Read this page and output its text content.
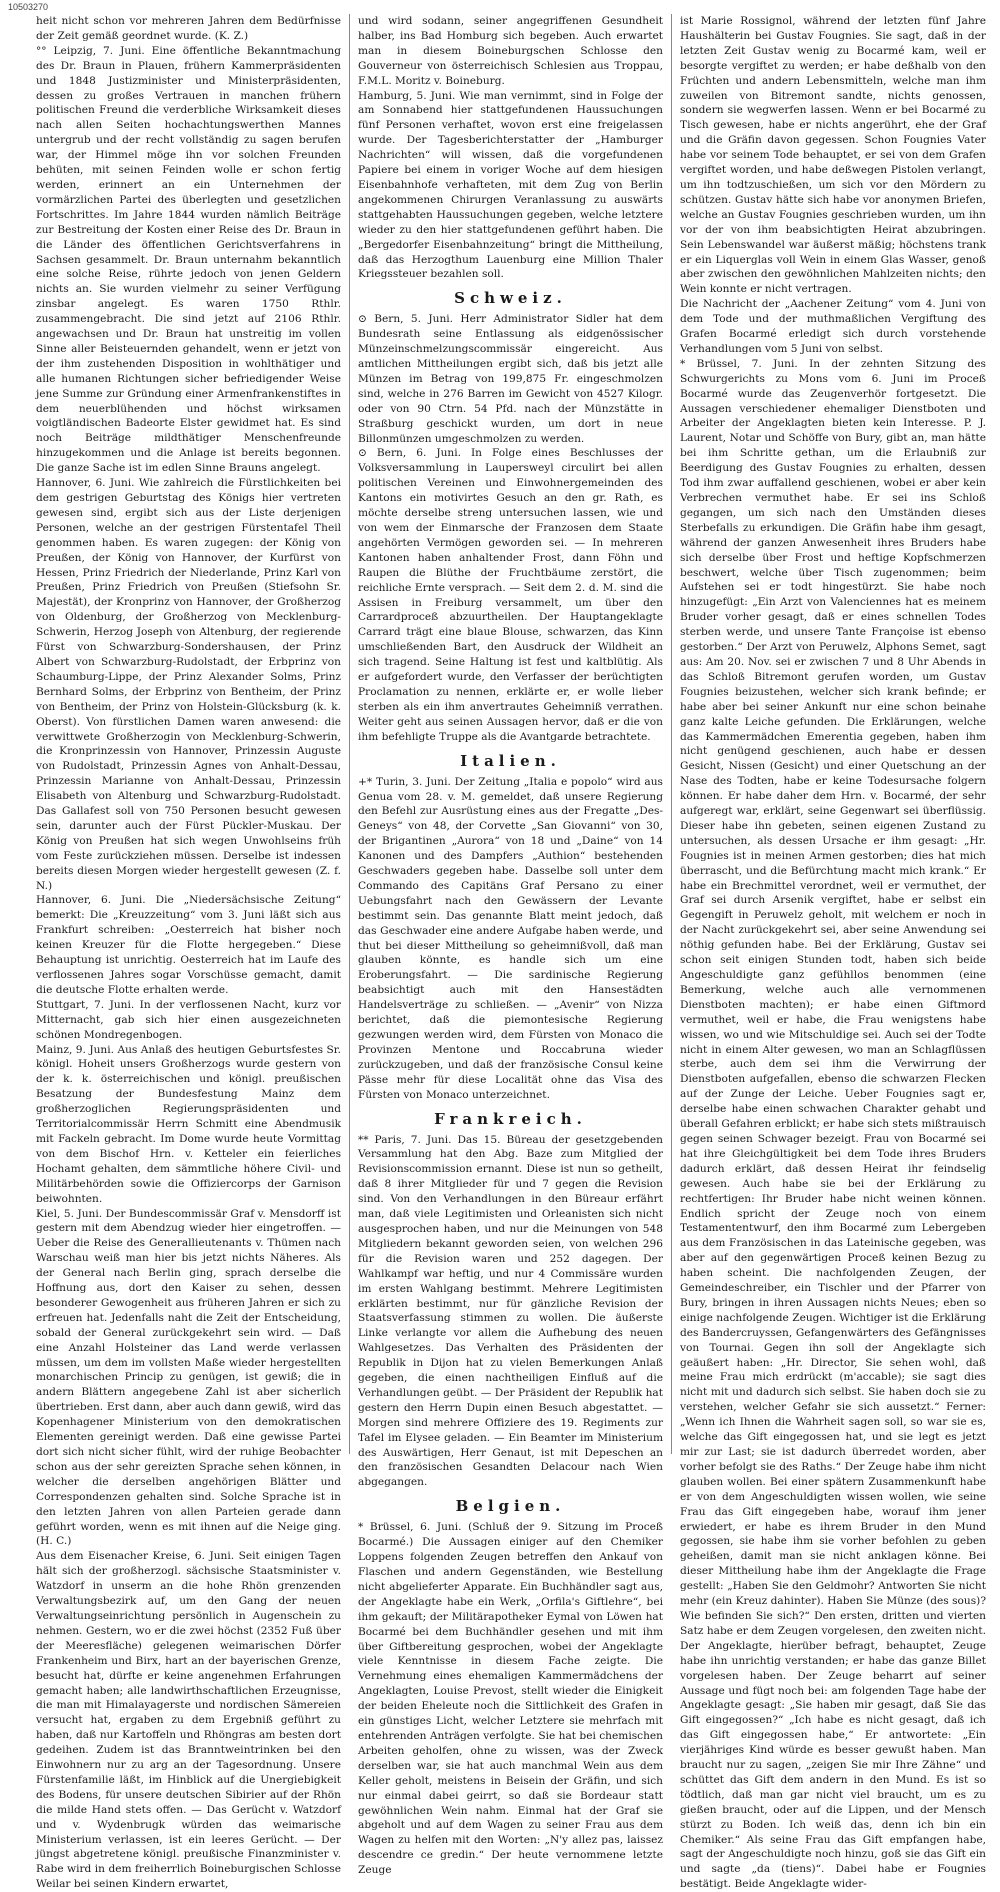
10503270

heit nicht schon vor mehreren Jahren dem Bedürfnisse der Zeit gemäß geordnet wurde. (K. Z.)

°° Leipzig, 7. Juni. Eine öffentliche Bekanntmachung des Dr. Braun in Plauen, frühern Kammerpräsidenten und 1848 Justizminister und Ministerpräsidenten, dessen zu großes Vertrauen in manchen frühern politischen Freund die verderbliche Wirksamkeit dieses nach allen Seiten hochachtungswerthen Mannes untergrub und der recht vollständig zu sagen berufen war, der Himmel möge ihn vor solchen Freunden behüten, mit seinen Feinden wolle er schon fertig werden, erinnert an ein Unternehmen der vormärzlichen Partei des überlegten und gesetzlichen Fortschrittes. Im Jahre 1844 wurden nämlich Beiträge zur Bestreitung der Kosten einer Reise des Dr. Braun in die Länder des öffentlichen Gerichtsverfahrens in Sachsen gesammelt. Dr. Braun unternahm bekanntlich eine solche Reise, rührte jedoch von jenen Geldern nichts an. Sie wurden vielmehr zu seiner Verfügung zinsbar angelegt. Es waren 1750 Rthlr. zusammengebracht. Die sind jetzt auf 2106 Rthlr. angewachsen und Dr. Braun hat unstreitig im vollen Sinne aller Beisteuernden gehandelt, wenn er jetzt von der ihm zustehenden Disposition in wohlthätiger und alle humanen Richtungen sicher befriedigender Weise jene Summe zur Gründung einer Armenfrankenstiftes in dem neuerblühenden und höchst wirksamen voigtländischen Badeorte Elster gewidmet hat. Es sind noch Beiträge mildthätiger Menschenfreunde hinzugekommen und die Anlage ist bereits begonnen. Die ganze Sache ist im edlen Sinne Brauns angelegt.

Hannover, 6. Juni. Wie zahlreich die Fürstlichkeiten bei dem gestrigen Geburtstag des Königs hier vertreten gewesen sind, ergibt sich aus der Liste derjenigen Personen, welche an der gestrigen Fürstentafel Theil genommen haben. Es waren zugegen: der König von Preußen, der König von Hannover, der Kurfürst von Hessen, Prinz Friedrich der Niederlande, Prinz Karl von Preußen, Prinz Friedrich von Preußen (Stiefsohn Sr. Majestät), der Kronprinz von Hannover, der Großherzog von Oldenburg, der Großherzog von Mecklenburg-Schwerin, Herzog Joseph von Altenburg, der regierende Fürst von Schwarzburg-Sondershausen, der Prinz Albert von Schwarzburg-Rudolstadt, der Erbprinz von Schaumburg-Lippe, der Prinz Alexander Solms, Prinz Bernhard Solms, der Erbprinz von Bentheim, der Prinz von Bentheim, der Prinz von Holstein-Glücksburg (k. k. Oberst). Von fürstlichen Damen waren anwesend: die verwittwete Großherzogin von Mecklenburg-Schwerin, die Kronprinzessin von Hannover, Prinzessin Auguste von Rudolstadt, Prinzessin Agnes von Anhalt-Dessau, Prinzessin Marianne von Anhalt-Dessau, Prinzessin Elisabeth von Altenburg und Schwarzburg-Rudolstadt. Das Gallafest soll von 750 Personen besucht gewesen sein, darunter auch der Fürst Pückler-Muskau. Der König von Preußen hat sich wegen Unwohlseins früh vom Feste zurückziehen müssen. Derselbe ist indessen bereits diesen Morgen wieder hergestellt gewesen (Z. f. N.)

Hannover, 6. Juni. Die „Niedersächsische Zeitung“ bemerkt: Die „Kreuzzeitung“ vom 3. Juni läßt sich aus Frankfurt schreiben: „Oesterreich hat bisher noch keinen Kreuzer für die Flotte hergegeben.“ Diese Behauptung ist unrichtig. Oesterreich hat im Laufe des verflossenen Jahres sogar Vorschüsse gemacht, damit die deutsche Flotte erhalten werde.

Stuttgart, 7. Juni. In der verflossenen Nacht, kurz vor Mitternacht, gab sich hier einen ausgezeichneten schönen Mondregenbogen.

Mainz, 9. Juni. Aus Anlaß des heutigen Geburtsfestes Sr. königl. Hoheit unsers Großherzogs wurde gestern von der k. k. österreichischen und königl. preußischen Besatzung der Bundesfestung Mainz dem großherzoglichen Regierungspräsidenten und Territorialcommissär Herrn Schmitt eine Abendmusik mit Fackeln gebracht. Im Dome wurde heute Vormittag von dem Bischof Hrn. v. Ketteler ein feierliches Hochamt gehalten, dem sämmtliche höhere Civil- und Militärbehörden sowie die Offiziercorps der Garnison beiwohnten.

Kiel, 5. Juni. Der Bundescommissär Graf v. Mensdorff ist gestern mit dem Abendzug wieder hier eingetroffen. — Ueber die Reise des Generallieutenants v. Thümen nach Warschau weiß man hier bis jetzt nichts Näheres. Als der General nach Berlin ging, sprach derselbe die Hoffnung aus, dort den Kaiser zu sehen, dessen besonderer Gewogenheit aus früheren Jahren er sich zu erfreuen hat. Jedenfalls naht die Zeit der Entscheidung, sobald der General zurückgekehrt sein wird. — Daß eine Anzahl Holsteiner das Land werde verlassen müssen, um dem im vollsten Maße wieder hergestellten monarchischen Princip zu genügen, ist gewiß; die in andern Blättern angegebene Zahl ist aber sicherlich übertrieben. Erst dann, aber auch dann gewiß, wird das Kopenhagener Ministerium von den demokratischen Elementen gereinigt werden. Daß eine gewisse Partei dort sich nicht sicher fühlt, wird der ruhige Beobachter schon aus der sehr gereizten Sprache sehen können, in welcher die derselben angehörigen Blätter und Correspondenzen gehalten sind. Solche Sprache ist in den letzten Jahren von allen Parteien gerade dann geführt worden, wenn es mit ihnen auf die Neige ging. (H. C.)

Aus dem Eisenacher Kreise, 6. Juni. Seit einigen Tagen hält sich der großherzogl. sächsische Staatsminister v. Watzdorf in unserm an die hohe Rhön grenzenden Verwaltungsbezirk auf, um den Gang der neuen Verwaltungseinrichtung persönlich in Augenschein zu nehmen. Gestern, wo er die zwei höchst (2352 Fuß über der Meeresfläche) gelegenen weimarischen Dörfer Frankenheim und Birx, hart an der bayerischen Grenze, besucht hat, dürfte er keine angenehmen Erfahrungen gemacht haben; alle landwirthschaftlichen Erzeugnisse, die man mit Himalayagerste und nordischen Sämereien versucht hat, ergaben zu dem Ergebniß geführt zu haben, daß nur Kartoffeln und Rhöngras am besten dort gedeihen. Zudem ist das Branntweintrinken bei den Einwohnern nur zu arg an der Tagesordnung. Unsere Fürstenfamilie läßt, im Hinblick auf die Unergiebigkeit des Bodens, für unsere deutschen Sibirier auf der Rhön die milde Hand stets offen. — Das Gerücht v. Watzdorf und v. Wydenbrugk würden das weimarische Ministerium verlassen, ist ein leeres Gerücht. — Der jüngst abgetretene königl. preußische Finanzminister v. Rabe wird in dem freiherrlich Boineburgischen Schlosse Weilar bei seinen Kindern erwartet,

und wird sodann, seiner angegriffenen Gesundheit halber, ins Bad Homburg sich begeben. Auch erwartet man in diesem Boineburgschen Schlosse den Gouverneur von österreichisch Schlesien aus Troppau, F.M.L. Moritz v. Boineburg.

Hamburg, 5. Juni. Wie man vernimmt, sind in Folge der am Sonnabend hier stattgefundenen Haussuchungen fünf Personen verhaftet, wovon erst eine freigelassen wurde. Der Tagesberichterstatter der „Hamburger Nachrichten“ will wissen, daß die vorgefundenen Papiere bei einem in voriger Woche auf dem hiesigen Eisenbahnhofe verhafteten, mit dem Zug von Berlin angekommenen Chirurgen Veranlassung zu auswärts stattgehabten Haussuchungen gegeben, welche letztere wieder zu den hier stattgefundenen geführt haben. Die „Bergedorfer Eisenbahnzeitung“ bringt die Mittheilung, daß das Herzogthum Lauenburg eine Million Thaler Kriegssteuer bezahlen soll.

Schweiz.

⊙ Bern, 5. Juni. Herr Administrator Sidler hat dem Bundesrath seine Entlassung als eidgenössischer Münzeinschmelzungscommissär eingereicht. Aus amtlichen Mittheilungen ergibt sich, daß bis jetzt alle Münzen im Betrag von 199,875 Fr. eingeschmolzen sind, welche in 276 Barren im Gewicht von 4527 Kilogr. oder von 90 Ctrn. 54 Pfd. nach der Münzstätte in Straßburg geschickt wurden, um dort in neue Billonmünzen umgeschmolzen zu werden.

⊙ Bern, 6. Juni. In Folge eines Beschlusses der Volksversammlung in Laupersweyl circulirt bei allen politischen Vereinen und Einwohnergemeinden des Kantons ein motivirtes Gesuch an den gr. Rath, es möchte derselbe streng untersuchen lassen, wie und von wem der Einmarsche der Franzosen dem Staate angehörten Vermögen geworden sei. — In mehreren Kantonen haben anhaltender Frost, dann Föhn und Raupen die Blüthe der Fruchtbäume zerstört, die reichliche Ernte versprach. — Seit dem 2. d. M. sind die Assisen in Freiburg versammelt, um über den Carrardproceß abzuurtheilen. Der Hauptangeklagte Carrard trägt eine blaue Blouse, schwarzen, das Kinn umschließenden Bart, den Ausdruck der Wildheit an sich tragend. Seine Haltung ist fest und kaltblütig. Als er aufgefordert wurde, den Verfasser der berüchtigten Proclamation zu nennen, erklärte er, er wolle lieber sterben als ein ihm anvertrautes Geheimniß verrathen. Weiter geht aus seinen Aussagen hervor, daß er die von ihm befehligte Truppe als die Avantgarde betrachtete.

Italien.

+* Turin, 3. Juni. Der Zeitung „Italia e popolo“ wird aus Genua vom 28. v. M. gemeldet, daß unsere Regierung den Befehl zur Ausrüstung eines aus der Fregatte „Des-Geneys“ von 48, der Corvette „San Giovanni“ von 30, der Brigantinen „Aurora“ von 18 und „Daine“ von 14 Kanonen und des Dampfers „Authion“ bestehenden Geschwaders gegeben habe. Dasselbe soll unter dem Commando des Capitäns Graf Persano zu einer Uebungsfahrt nach den Gewässern der Levante bestimmt sein. Das genannte Blatt meint jedoch, daß das Geschwader eine andere Aufgabe haben werde, und thut bei dieser Mittheilung so geheimnißvoll, daß man glauben könnte, es handle sich um eine Eroberungsfahrt. — Die sardinische Regierung beabsichtigt auch mit den Hansestädten Handelsverträge zu schließen. — „Avenir“ von Nizza berichtet, daß die piemontesische Regierung gezwungen werden wird, dem Fürsten von Monaco die Provinzen Mentone und Roccabruna wieder zurückzugeben, und daß der französische Consul keine Pässe mehr für diese Localität ohne das Visa des Fürsten von Monaco unterzeichnet.

Frankreich.

** Paris, 7. Juni. Das 15. Büreau der gesetzgebenden Versammlung hat den Abg. Baze zum Mitglied der Revisionscommission ernannt. Diese ist nun so getheilt, daß 8 ihrer Mitglieder für und 7 gegen die Revision sind. Von den Verhandlungen in den Büreaur erfährt man, daß viele Legitimisten und Orleanisten sich nicht ausgesprochen haben, und nur die Meinungen von 548 Mitgliedern bekannt geworden seien, von welchen 296 für die Revision waren und 252 dagegen. Der Wahlkampf war heftig, und nur 4 Commissäre wurden im ersten Wahlgang bestimmt. Mehrere Legitimisten erklärten bestimmt, nur für gänzliche Revision der Staatsverfassung stimmen zu wollen. Die äußerste Linke verlangte vor allem die Aufhebung des neuen Wahlgesetzes. Das Verhalten des Präsidenten der Republik in Dijon hat zu vielen Bemerkungen Anlaß gegeben, die einen nachtheiligen Einfluß auf die Verhandlungen geübt. — Der Präsident der Republik hat gestern den Herrn Dupin einen Besuch abgestattet. — Morgen sind mehrere Offiziere des 19. Regiments zur Tafel im Elysee geladen. — Ein Beamter im Ministerium des Auswärtigen, Herr Genaut, ist mit Depeschen an den französischen Gesandten Delacour nach Wien abgegangen.

Belgien.

* Brüssel, 6. Juni. (Schluß der 9. Sitzung im Proceß Bocarmé.) Die Aussagen einiger auf den Chemiker Loppens folgenden Zeugen betreffen den Ankauf von Flaschen und andern Gegenständen, wie Bestellung nicht abgelieferter Apparate. Ein Buchhändler sagt aus, der Angeklagte habe ein Werk, „Orfila's Giftlehre“, bei ihm gekauft; der Militärapotheker Eymal von Löwen hat Bocarmé bei dem Buchhändler gesehen und mit ihm über Giftbereitung gesprochen, wobei der Angeklagte viele Kenntnisse in diesem Fache zeigte. Die Vernehmung eines ehemaligen Kammermädchens der Angeklagten, Louise Prevost, stellt wieder die Einigkeit der beiden Eheleute noch die Sittlichkeit des Grafen in ein günstiges Licht, welcher Letztere sie mehrfach mit entehrenden Anträgen verfolgte. Sie hat bei chemischen Arbeiten geholfen, ohne zu wissen, was der Zweck derselben war, sie hat auch manchmal Wein aus dem Keller geholt, meistens in Beisein der Gräfin, und sich nur einmal dabei geirrt, so daß sie Bordeaur statt gewöhnlichen Wein nahm. Einmal hat der Graf sie abgeholt und auf dem Wagen zu seiner Frau aus dem Wagen zu helfen mit den Worten: „N'y allez pas, laissez descendre ce gredin.“ Der heute vernommene letzte Zeuge

ist Marie Rossignol, während der letzten fünf Jahre Haushälterin bei Gustav Fougnies. Sie sagt, daß in der letzten Zeit Gustav wenig zu Bocarmé kam, weil er besorgte vergiftet zu werden; er habe deßhalb von den Früchten und andern Lebensmitteln, welche man ihm zuweilen von Bitremont sandte, nichts genossen, sondern sie wegwerfen lassen. Wenn er bei Bocarmé zu Tisch gewesen, habe er nichts angerührt, ehe der Graf und die Gräfin davon gegessen. Schon Fougnies Vater habe vor seinem Tode behauptet, er sei von dem Grafen vergiftet worden, und habe deßwegen Pistolen verlangt, um ihn todtzuschießen, um sich vor den Mördern zu schützen. Gustav hätte sich habe vor anonymen Briefen, welche an Gustav Fougnies geschrieben wurden, um ihn vor der von ihm beabsichtigten Heirat abzubringen. Sein Lebenswandel war äußerst mäßig; höchstens trank er ein Liquerglas voll Wein in einem Glas Wasser, genoß aber zwischen den gewöhnlichen Mahlzeiten nichts; den Wein konnte er nicht vertragen.

Die Nachricht der „Aachener Zeitung“ vom 4. Juni von dem Tode und der muthmaßlichen Vergiftung des Grafen Bocarmé erledigt sich durch vorstehende Verhandlungen vom 5 Juni von selbst.

* Brüssel, 7. Juni. In der zehnten Sitzung des Schwurgerichts zu Mons vom 6. Juni im Proceß Bocarmé wurde das Zeugenverhör fortgesetzt. Die Aussagen verschiedener ehemaliger Dienstboten und Arbeiter der Angeklagten bieten kein Interesse. P. J. Laurent, Notar und Schöffe von Bury, gibt an, man hätte bei ihm Schritte gethan, um die Erlaubniß zur Beerdigung des Gustav Fougnies zu erhalten, dessen Tod ihm zwar auffallend geschienen, wobei er aber kein Verbrechen vermuthet habe. Er sei ins Schloß gegangen, um sich nach den Umständen dieses Sterbefalls zu erkundigen. Die Gräfin habe ihm gesagt, während der ganzen Anwesenheit ihres Bruders habe sich derselbe über Frost und heftige Kopfschmerzen beschwert, welche über Tisch zugenommen; beim Aufstehen sei er todt hingestürzt. Sie habe noch hinzugefügt: „Ein Arzt von Valenciennes hat es meinem Bruder vorher gesagt, daß er eines schnellen Todes sterben werde, und unsere Tante Françoise ist ebenso gestorben.“ Der Arzt von Peruwelz, Alphons Semet, sagt aus: Am 20. Nov. sei er zwischen 7 und 8 Uhr Abends in das Schloß Bitremont gerufen worden, um Gustav Fougnies beizustehen, welcher sich krank befinde; er habe aber bei seiner Ankunft nur eine schon beinahe ganz kalte Leiche gefunden. Die Erklärungen, welche das Kammermädchen Emerentia gegeben, haben ihm nicht genügend geschienen, auch habe er dessen Gesicht, Nissen (Gesicht) und einer Quetschung an der Nase des Todten, habe er keine Todesursache folgern können. Er habe daher dem Hrn. v. Bocarmé, der sehr aufgeregt war, erklärt, seine Gegenwart sei überflüssig. Dieser habe ihn gebeten, seinen eigenen Zustand zu untersuchen, als dessen Ursache er ihm gesagt: „Hr. Fougnies ist in meinen Armen gestorben; dies hat mich überrascht, und die Befürchtung macht mich krank.“ Er habe ein Brechmittel verordnet, weil er vermuthet, der Graf sei durch Arsenik vergiftet, habe er selbst ein Gegengift in Peruwelz geholt, mit welchem er noch in der Nacht zurückgekehrt sei, aber seine Anwendung sei nöthig gefunden habe. Bei der Erklärung, Gustav sei schon seit einigen Stunden todt, haben sich beide Angeschuldigte ganz gefühllos benommen (eine Bemerkung, welche auch alle vernommenen Dienstboten machten); er habe einen Giftmord vermuthet, weil er habe, die Frau wenigstens habe wissen, wo und wie Mitschuldige sei. Auch sei der Todte nicht in einem Alter gewesen, wo man an Schlagflüssen sterbe, auch dem sei ihm die Verwirrung der Dienstboten aufgefallen, ebenso die schwarzen Flecken auf der Zunge der Leiche. Ueber Fougnies sagt er, derselbe habe einen schwachen Charakter gehabt und überall Gefahren erblickt; er habe sich stets mißtrauisch gegen seinen Schwager bezeigt. Frau von Bocarmé sei hat ihre Gleichgültigkeit bei dem Tode ihres Bruders dadurch erklärt, daß dessen Heirat ihr feindselig gewesen. Auch habe sie bei der Erklärung zu rechtfertigen: Ihr Bruder habe nicht weinen können. Endlich spricht der Zeuge noch von einem Testamententwurf, den ihm Bocarmé zum Lebergeben aus dem Französischen in das Lateinische gegeben, was aber auf den gegenwärtigen Proceß keinen Bezug zu haben scheint. Die nachfolgenden Zeugen, der Gemeindeschreiber, ein Tischler und der Pfarrer von Bury, bringen in ihren Aussagen nichts Neues; eben so einige nachfolgende Zeugen. Wichtiger ist die Erklärung des Bandercruyssen, Gefangenwärters des Gefängnisses von Tournai. Gegen ihn soll der Angeklagte sich geäußert haben: „Hr. Director, Sie sehen wohl, daß meine Frau mich erdrückt (m'accable); sie sagt dies nicht mit und dadurch sich selbst. Sie haben doch sie zu verstehen, welcher Gefahr sie sich aussetzt.“ Ferner: „Wenn ich Ihnen die Wahrheit sagen soll, so war sie es, welche das Gift eingegossen hat, und sie legt es jetzt mir zur Last; sie ist dadurch überredet worden, aber vorher befolgt sie des Raths.“ Der Zeuge habe ihm nicht glauben wollen. Bei einer spätern Zusammenkunft habe er von dem Angeschuldigten wissen wollen, wie seine Frau das Gift eingegeben habe, worauf ihm jener erwiedert, er habe es ihrem Bruder in den Mund gegossen, sie habe ihm sie vorher befohlen zu geben geheißen, damit man sie nicht anklagen könne. Bei dieser Mittheilung habe ihm der Angeklagte die Frage gestellt: „Haben Sie den Geldmohr? Antworten Sie nicht mehr (ein Kreuz dahinter). Haben Sie Münze (des sous)? Wie befinden Sie sich?“ Den ersten, dritten und vierten Satz habe er dem Zeugen vorgelesen, den zweiten nicht. Der Angeklagte, hierüber befragt, behauptet, Zeuge habe ihn unrichtig verstanden; er habe das ganze Billet vorgelesen haben. Der Zeuge beharrt auf seiner Aussage und fügt noch bei: am folgenden Tage habe der Angeklagte gesagt: „Sie haben mir gesagt, daß Sie das Gift eingegossen?“ „Ich habe es nicht gesagt, daß ich das Gift eingegossen habe,“ Er antwortete: „Ein vierjähriges Kind würde es besser gewußt haben. Man braucht nur zu sagen, „zeigen Sie mir Ihre Zähne“ und schüttet das Gift dem andern in den Mund. Es ist so tödtlich, daß man gar nicht viel braucht, um es zu gießen braucht, oder auf die Lippen, und der Mensch stürzt zu Boden. Ich weiß das, denn ich bin ein Chemiker.“ Als seine Frau das Gift empfangen habe, sagt der Angeschuldigte noch hinzu, goß sie das Gift ein und sagte „da (tiens)“. Dabei habe er Fougnies bestätigt. Beide Angeklagte wider-
